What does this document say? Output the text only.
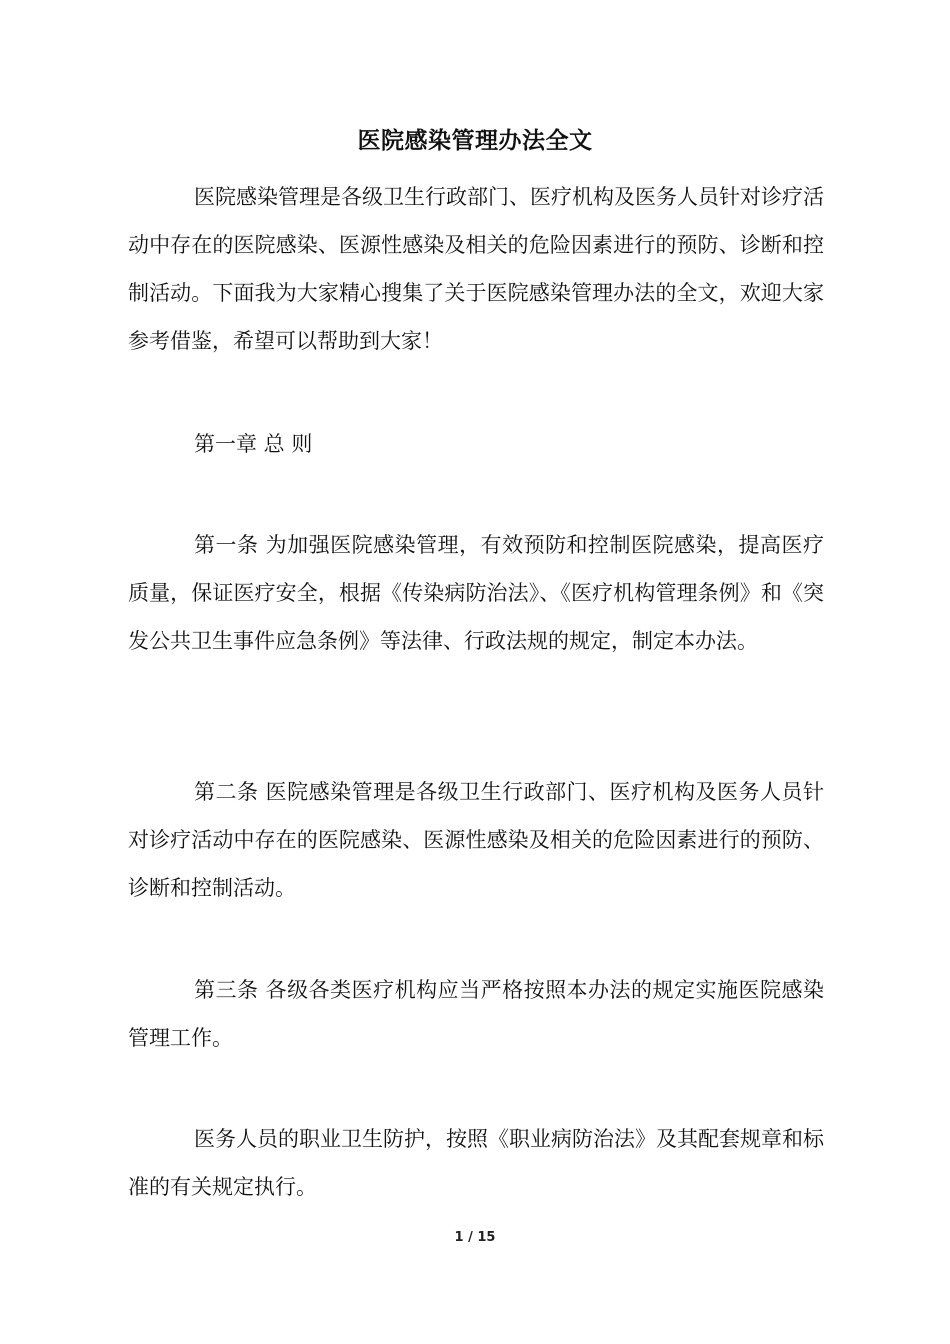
医院感染管理办法全文

医院感染管理是各级卫生行政部门、医疗机构及医务人员针对诊疗活动中存在的医院感染、医源性感染及相关的危险因素进行的预防、诊断和控制活动。下面我为大家精心搜集了关于医院感染管理办法的全文，欢迎大家参考借鉴，希望可以帮助到大家！

第一章 总 则

第一条 为加强医院感染管理，有效预防和控制医院感染，提高医疗质量，保证医疗安全，根据《传染病防治法》、《医疗机构管理条例》和《突发公共卫生事件应急条例》等法律、行政法规的规定，制定本办法。

第二条 医院感染管理是各级卫生行政部门、医疗机构及医务人员针对诊疗活动中存在的医院感染、医源性感染及相关的危险因素进行的预防、诊断和控制活动。

第三条 各级各类医疗机构应当严格按照本办法的规定实施医院感染管理工作。

医务人员的职业卫生防护，按照《职业病防治法》及其配套规章和标准的有关规定执行。

1 / 15
